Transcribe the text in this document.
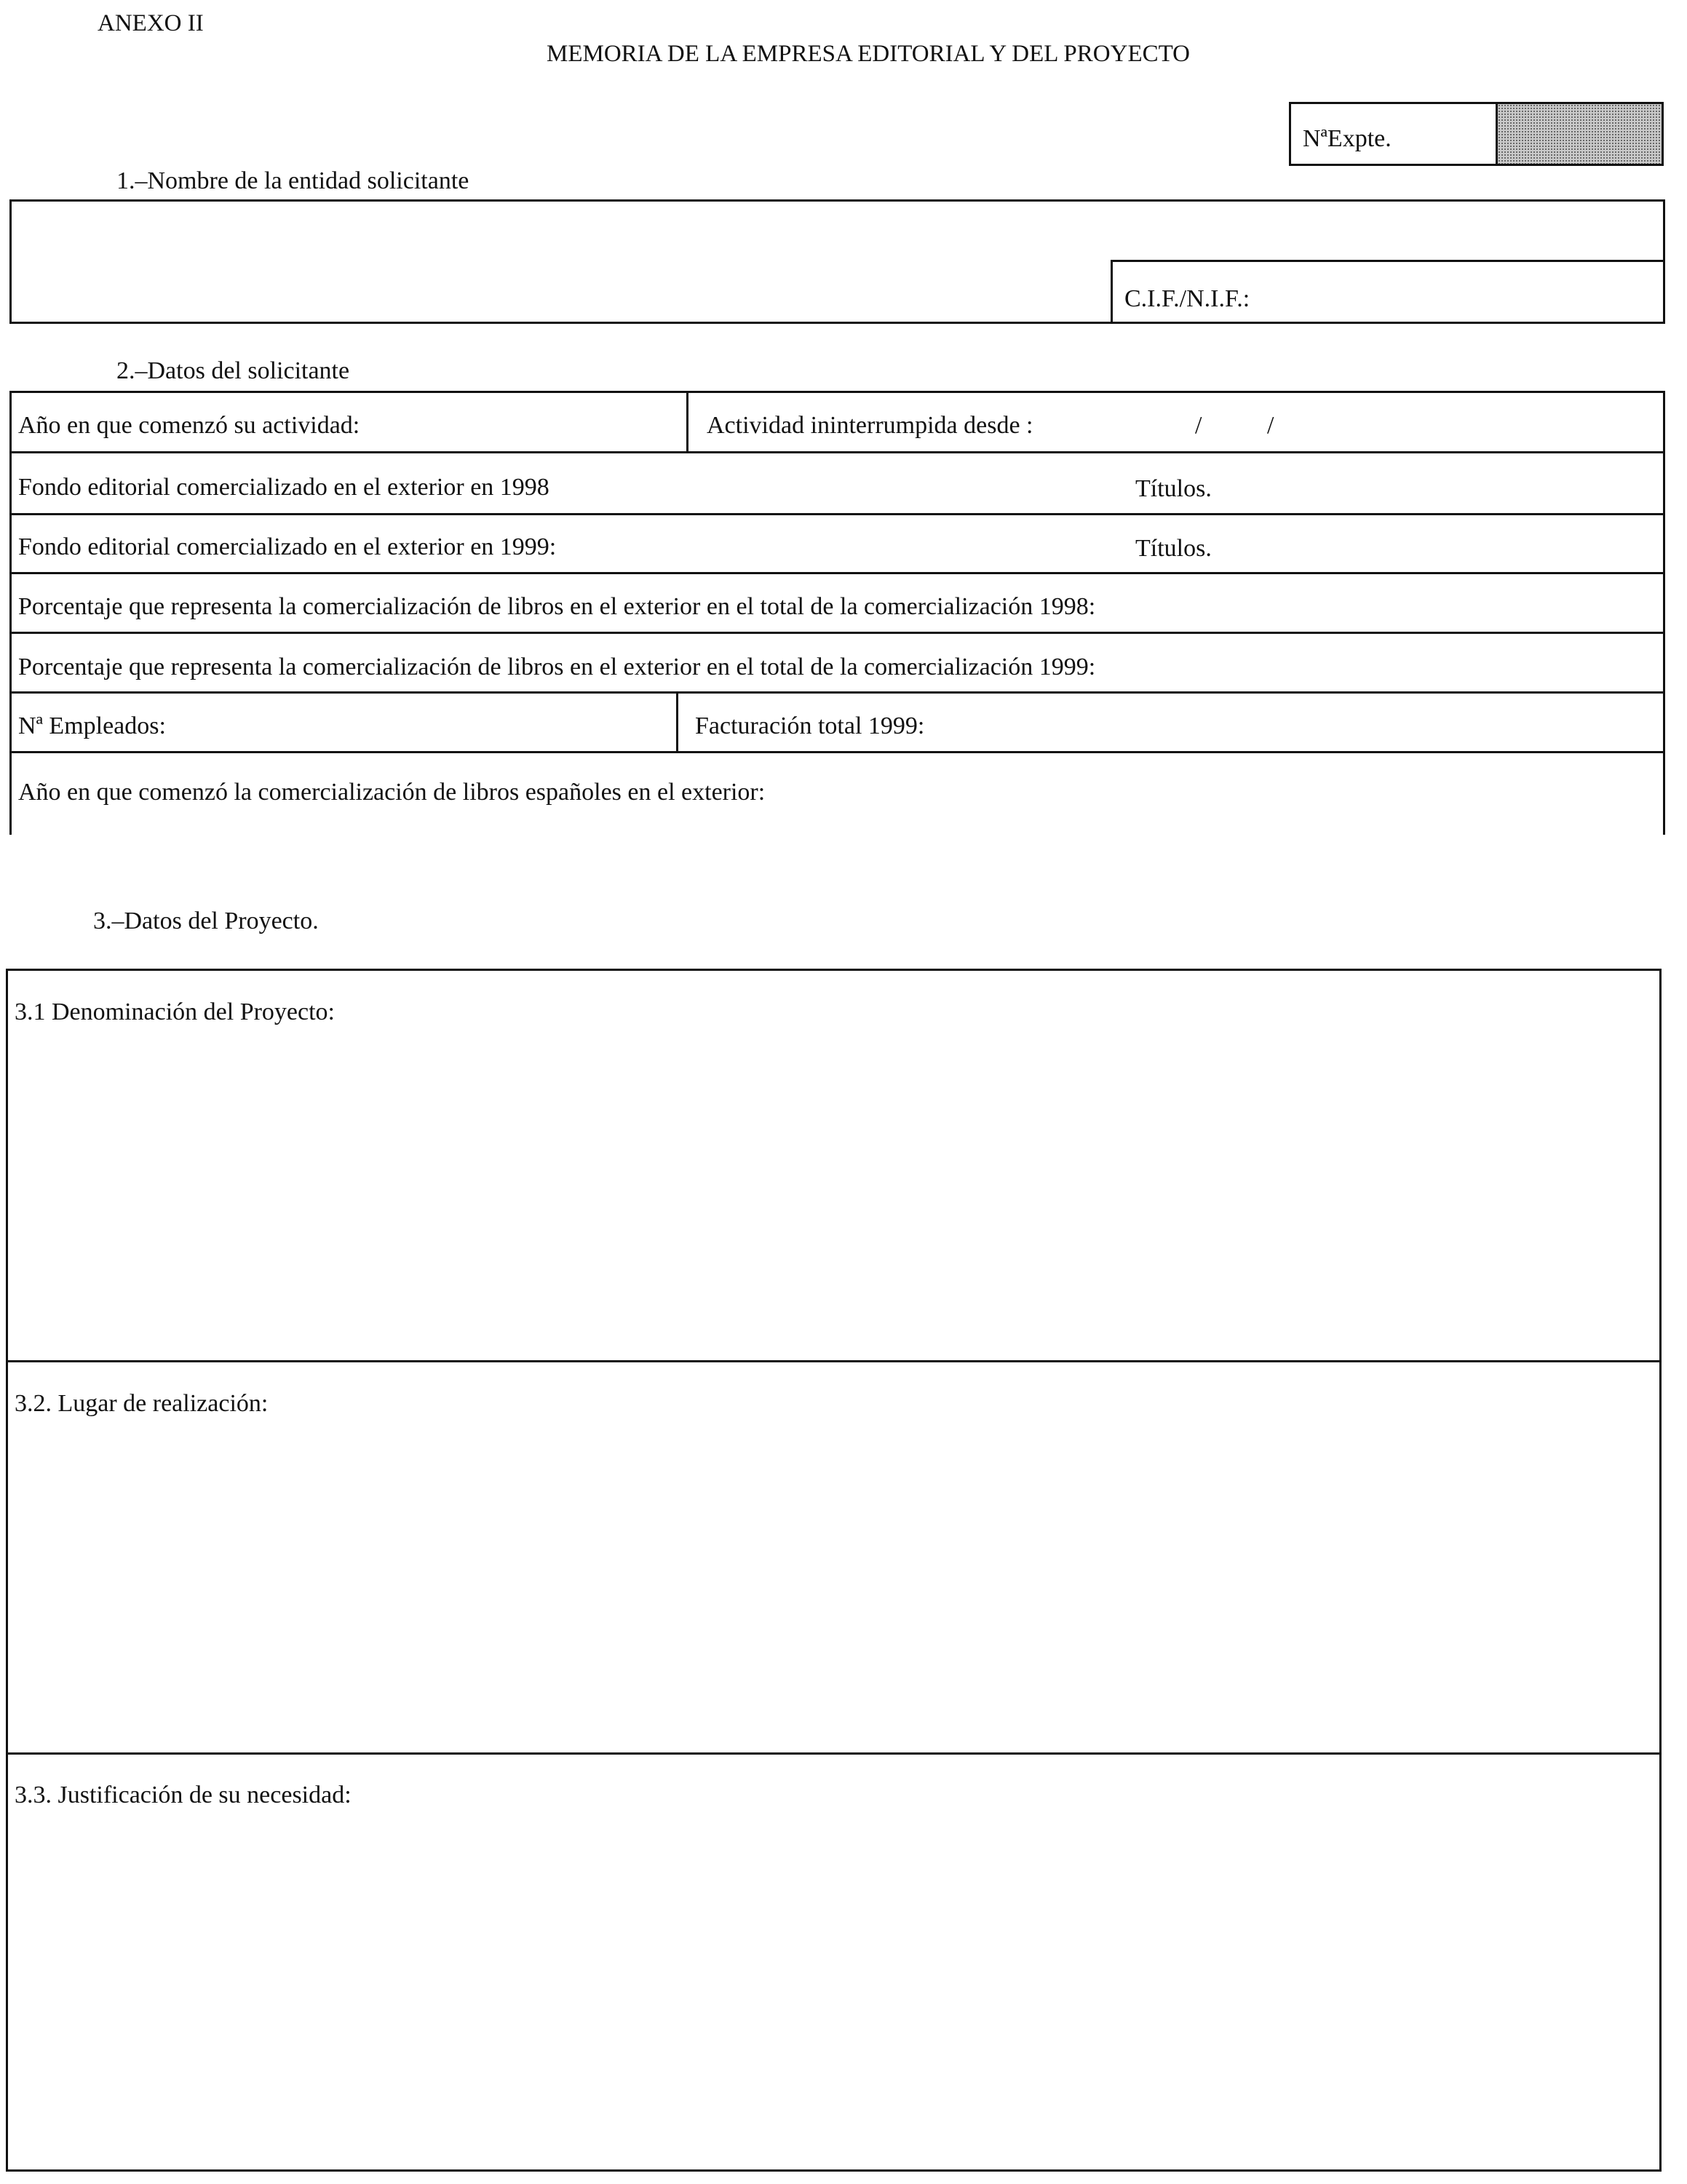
ANEXO II
MEMORIA DE LA EMPRESA EDITORIAL Y DEL PROYECTO
NªExpte.
1.–Nombre de la entidad solicitante
C.I.F./N.I.F.:
2.–Datos del solicitante
Año en que comenzó su actividad:	Actividad ininterrumpida desde :	/	/
Fondo editorial comercializado en el exterior en 1998	Títulos.
Fondo editorial comercializado en el exterior en 1999:	Títulos.
Porcentaje que representa la comercialización de libros en el exterior en el total de la comercialización 1998:
Porcentaje que representa la comercialización de libros en el exterior en el total de la comercialización 1999:
Nª Empleados:	Facturación total 1999:
Año en que comenzó la comercialización de libros españoles en el exterior:
3.–Datos del Proyecto.
3.1 Denominación del Proyecto:
3.2. Lugar de realización:
3.3. Justificación de su necesidad:
